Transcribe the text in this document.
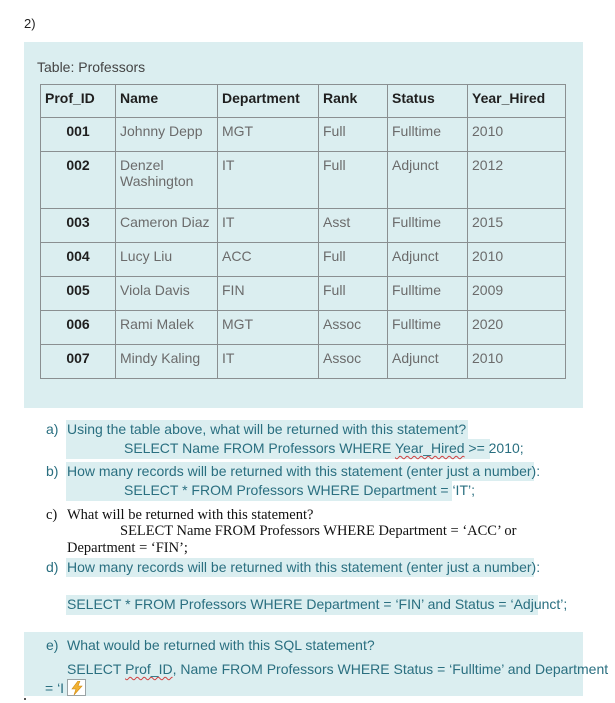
2)
Table: Professors
Prof_ID	Name	Department	Rank	Status	Year_Hired
001	Johnny Depp	MGT	Full	Fulltime	2010
002	Denzel Washington	IT	Full	Adjunct	2012
003	Cameron Diaz	IT	Asst	Fulltime	2015
004	Lucy Liu	ACC	Full	Adjunct	2010
005	Viola Davis	FIN	Full	Fulltime	2009
006	Rami Malek	MGT	Assoc	Fulltime	2020
007	Mindy Kaling	IT	Assoc	Adjunct	2010
a) Using the table above, what will be returned with this statement?
SELECT Name FROM Professors WHERE Year_Hired >= 2010;
b) How many records will be returned with this statement (enter just a number):
SELECT * FROM Professors WHERE Department = ‘IT’;
c) What will be returned with this statement?
SELECT Name FROM Professors WHERE Department = ‘ACC’ or
Department = ‘FIN’;
d) How many records will be returned with this statement (enter just a number):
SELECT * FROM Professors WHERE Department = ‘FIN’ and Status = ‘Adjunct’;
e) What would be returned with this SQL statement?
SELECT Prof_ID, Name FROM Professors WHERE Status = ‘Fulltime’ and Department
= ‘I
